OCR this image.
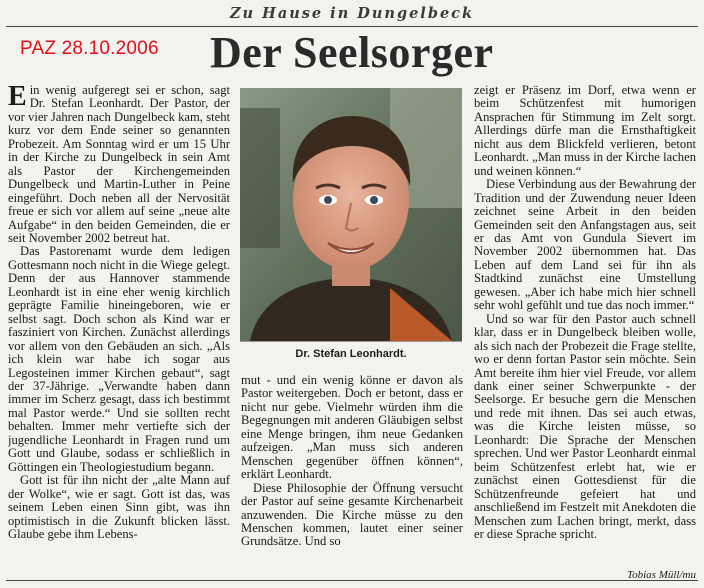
Zu Hause in Dungelbeck
PAZ 28.10.2006 Der Seelsorger

Ein wenig aufgeregt sei er schon, sagt Dr. Stefan Leonhardt. Der Pastor, der vor vier Jahren nach Dungelbeck kam, steht kurz vor dem Ende seiner so genannten Probezeit. Am Sonntag wird er um 15 Uhr in der Kirche zu Dungelbeck in sein Amt als Pastor der Kirchengemeinden Dungelbeck und Martin-Luther in Peine eingeführt. Doch neben all der Nervosität freue er sich vor allem auf seine „neue alte Aufgabe“ in den beiden Gemeinden, die er seit November 2002 betreut hat.

Das Pastorenamt wurde dem ledigen Gottesmann noch nicht in die Wiege gelegt. Denn der aus Hannover stammende Leonhardt ist in eine eher wenig kirchlich geprägte Familie hineingeboren, wie er selbst sagt. Doch schon als Kind war er fasziniert von Kirchen. Zunächst allerdings vor allem von den Gebäuden an sich. „Als ich klein war habe ich sogar aus Legosteinen immer Kirchen gebaut“, sagt der 37-Jährige. „Verwandte haben dann immer im Scherz gesagt, dass ich bestimmt mal Pastor werde.“ Und sie sollten recht behalten. Immer mehr vertiefte sich der jugendliche Leonhardt in Fragen rund um Gott und Glaube, sodass er schließlich in Göttingen ein Theologiestudium begann.

Gott ist für ihn nicht der „alte Mann auf der Wolke“, wie er sagt. Gott ist das, was seinem Leben einen Sinn gibt, was ihn optimistisch in die Zukunft blicken lässt. Glaube gebe ihm Lebens-

Dr. Stefan Leonhardt.

mut - und ein wenig könne er davon als Pastor weitergeben. Doch er betont, dass er nicht nur gebe. Vielmehr würden ihm die Begegnungen mit anderen Gläubigen selbst eine Menge bringen, ihm neue Gedanken aufzeigen. „Man muss sich anderen Menschen gegenüber öffnen können“, erklärt Leonhardt.

Diese Philosophie der Öffnung versucht der Pastor auf seine gesamte Kirchenarbeit anzuwenden. Die Kirche müsse zu den Menschen kommen, lautet einer seiner Grundsätze. Und so

zeigt er Präsenz im Dorf, etwa wenn er beim Schützenfest mit humorigen Ansprachen für Stimmung im Zelt sorgt. Allerdings dürfe man die Ernsthaftigkeit nicht aus dem Blickfeld verlieren, betont Leonhardt. „Man muss in der Kirche lachen und weinen können.“

Diese Verbindung aus der Bewahrung der Tradition und der Zuwendung neuer Ideen zeichnet seine Arbeit in den beiden Gemeinden seit den Anfangstagen aus, seit er das Amt von Gundula Sievert im November 2002 übernommen hat. Das Leben auf dem Land sei für ihn als Stadtkind zunächst eine Umstellung gewesen. „Aber ich habe mich hier schnell sehr wohl gefühlt und tue das noch immer.“

Und so war für den Pastor auch schnell klar, dass er in Dungelbeck bleiben wolle, als sich nach der Probezeit die Frage stellte, wo er denn fortan Pastor sein möchte. Sein Amt bereite ihm hier viel Freude, vor allem dank einer seiner Schwerpunkte - der Seelsorge. Er besuche gern die Menschen und rede mit ihnen. Das sei auch etwas, was die Kirche leisten müsse, so Leonhardt: Die Sprache der Menschen sprechen. Und wer Pastor Leonhardt einmal beim Schützenfest erlebt hat, wie er zunächst einen Gottesdienst für die Schützenfreunde gefeiert hat und anschließend im Festzelt mit Anekdoten die Menschen zum Lachen bringt, merkt, dass er diese Sprache spricht.

Tobias Müll/mu
